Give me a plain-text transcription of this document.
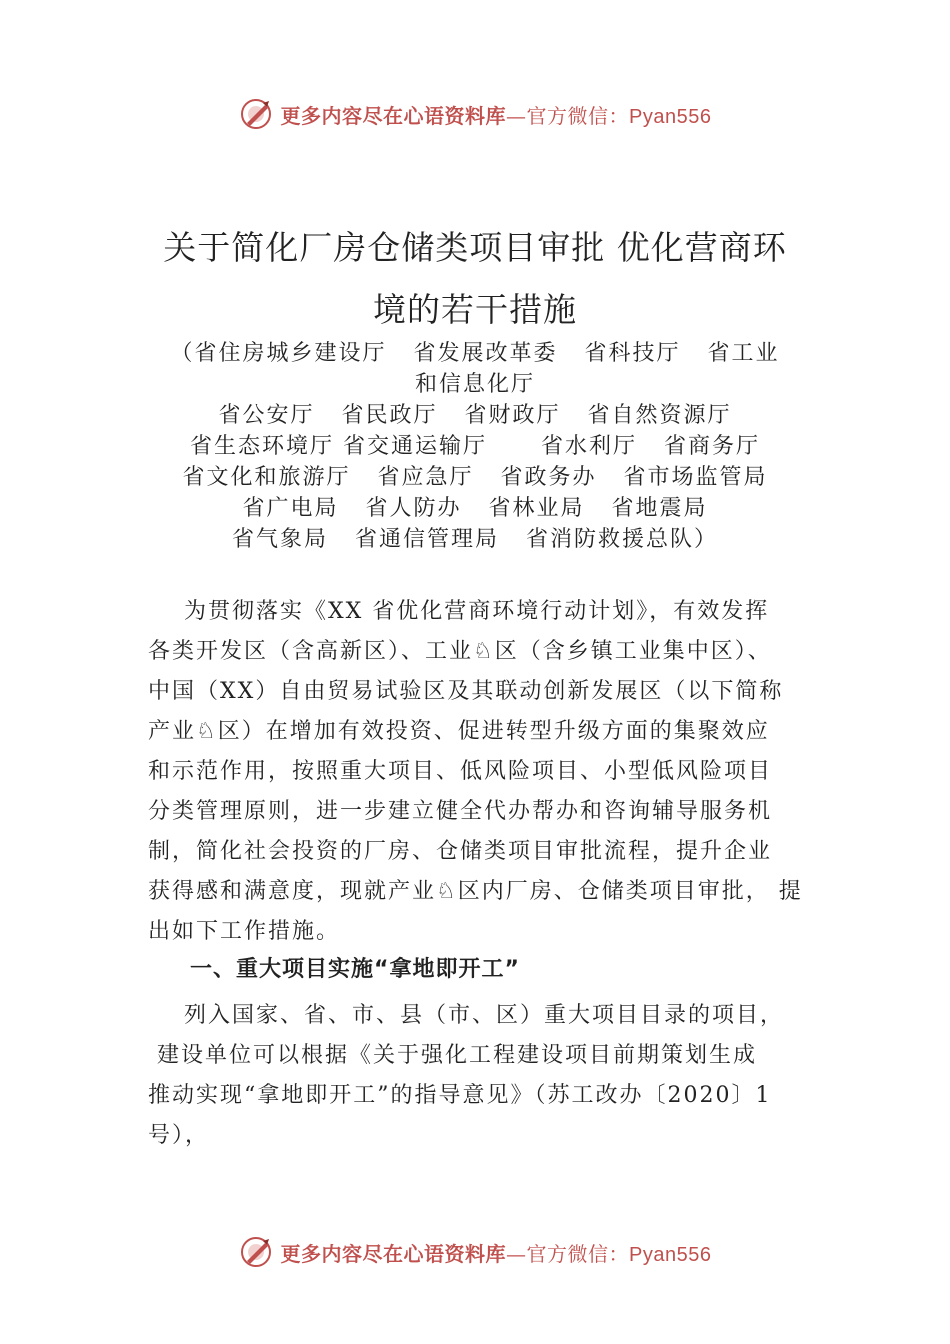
更多内容尽在心语资料库—官方微信：Pyan556
关于简化厂房仓储类项目审批 优化营商环
境的若干措施
（省住房城乡建设厅   省发展改革委   省科技厅   省工业
和信息化厅
省公安厅   省民政厅   省财政厅   省自然资源厅
省生态环境厅 省交通运输厅      省水利厅   省商务厅
省文化和旅游厅   省应急厅   省政务办   省市场监管局
省广电局   省人防办   省林业局   省地震局
省气象局   省通信管理局   省消防救援总队）
为贯彻落实《XX 省优化营商环境行动计划》，有效发挥
各类开发区（含高新区）、工业♘区（含乡镇工业集中区）、
中国（XX）自由贸易试验区及其联动创新发展区（以下简称
产业♘区）在增加有效投资、促进转型升级方面的集聚效应
和示范作用，按照重大项目、低风险项目、小型低风险项目
分类管理原则，进一步建立健全代办帮办和咨询辅导服务机
制，简化社会投资的厂房、仓储类项目审批流程，提升企业
获得感和满意度，现就产业♘区内厂房、仓储类项目审批， 提
出如下工作措施。
一、重大项目实施“拿地即开工”
列入国家、省、市、县（市、区）重大项目目录的项目，
建设单位可以根据《关于强化工程建设项目前期策划生成
推动实现“拿地即开工”的指导意见》（苏工改办〔2020〕1
号），
更多内容尽在心语资料库—官方微信：Pyan556
